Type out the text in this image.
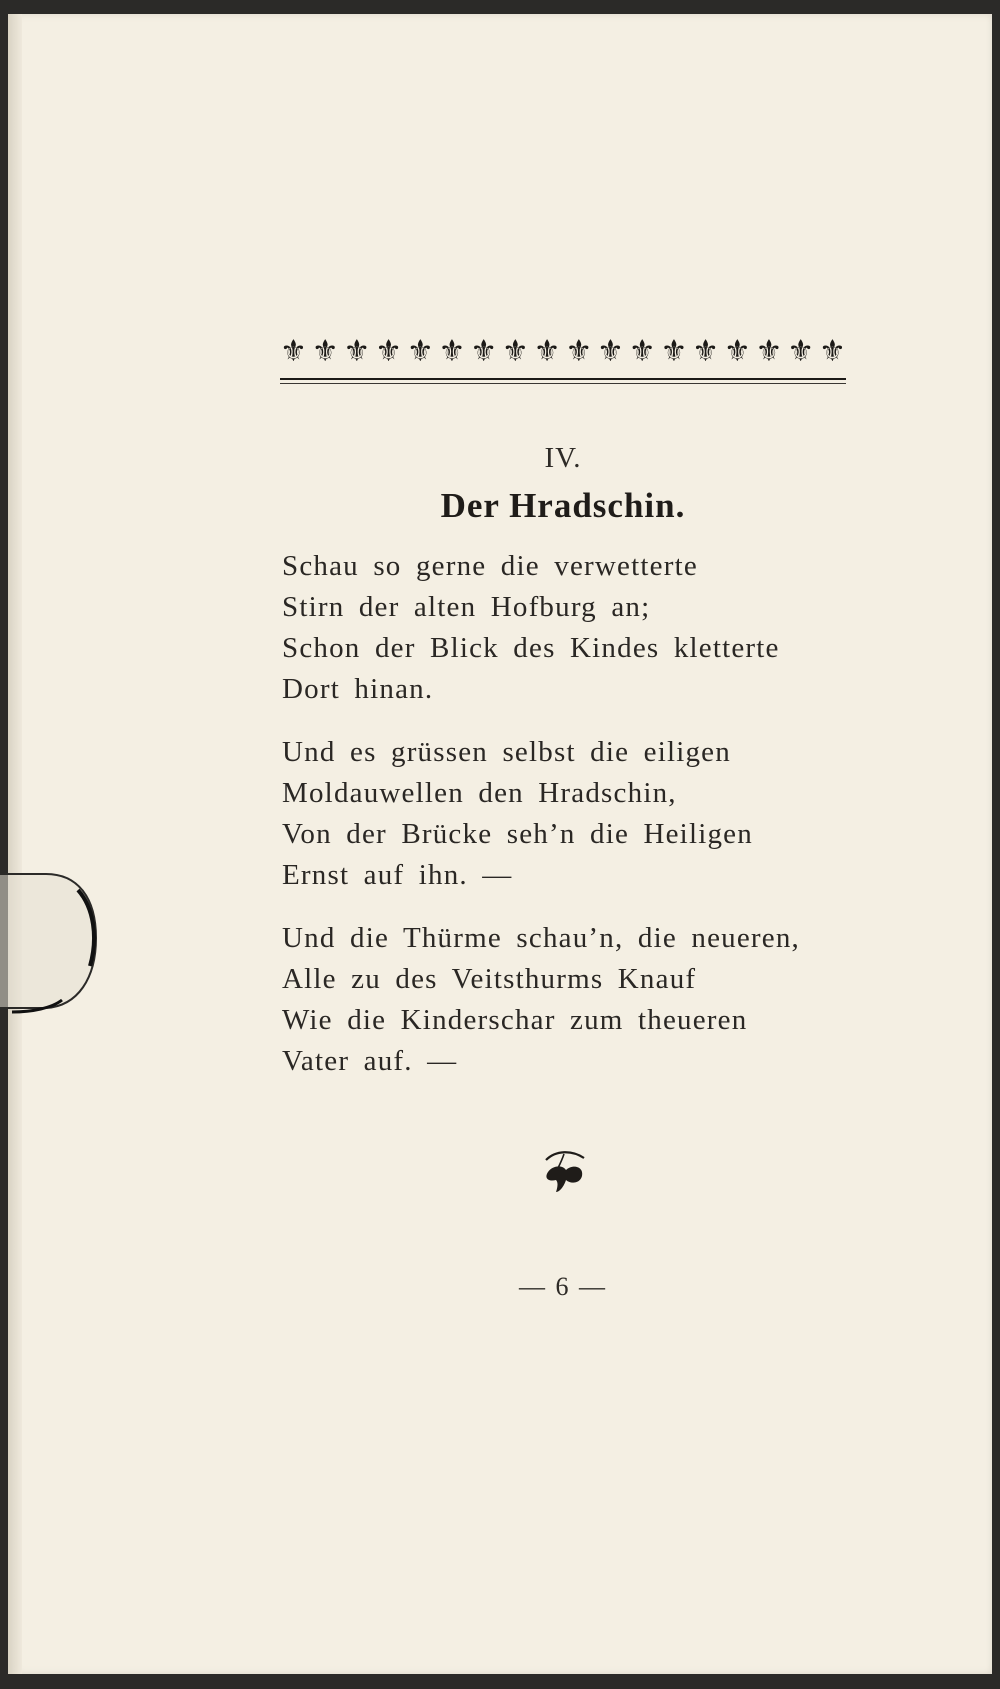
⚜ ⚜ ⚜ ⚜ ⚜ ⚜ ⚜ ⚜ ⚜ ⚜ ⚜ ⚜ ⚜ ⚜ ⚜ ⚜ ⚜ ⚜
IV.
Der Hradschin.
Schau so gerne die verwetterte
Stirn der alten Hofburg an;
Schon der Blick des Kindes kletterte
Dort hinan.
Und es grüssen selbst die eiligen
Moldauwellen den Hradschin,
Von der Brücke seh’n die Heiligen
Ernst auf ihn. —
Und die Thürme schau’n, die neueren,
Alle zu des Veitsthurms Knauf
Wie die Kinderschar zum theueren
Vater auf. —
— 6 —
